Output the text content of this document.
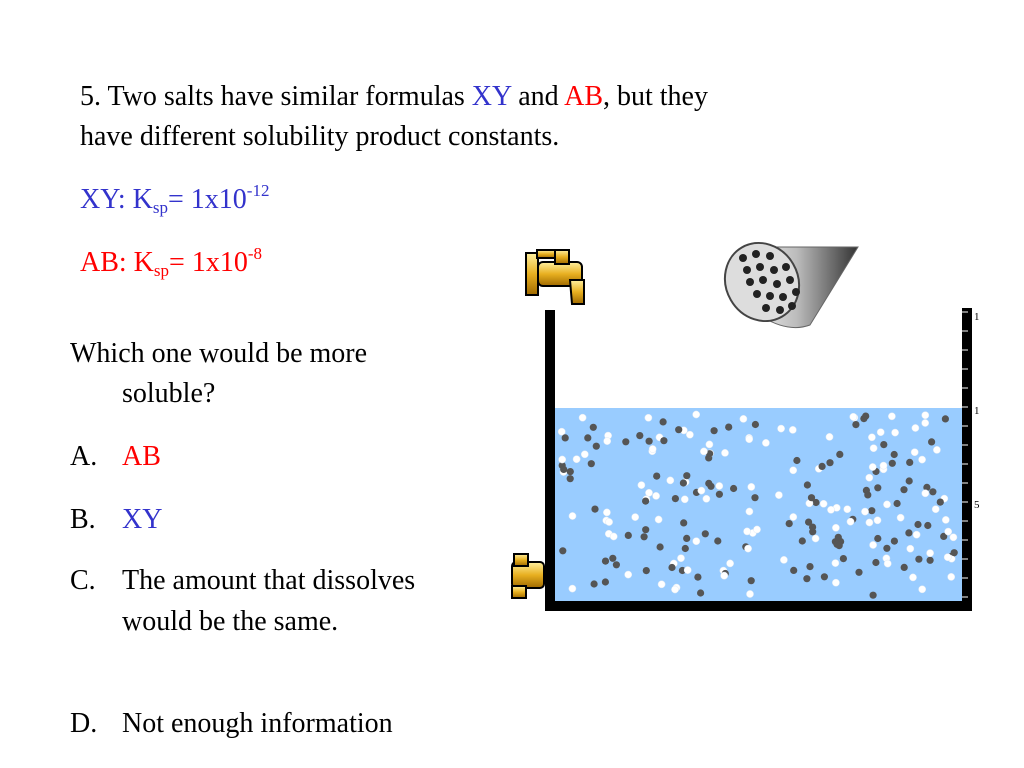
5. Two salts have similar formulas XY and AB, but they
have different solubility product constants.
XY: $K_{sp}= 1x10^{-12}$
AB: $K_{sp}= 1x10^{-8}$
Which one would be more
soluble?
A. AB
B. XY
C. The amount that dissolves would be the same.
D. Not enough information
1
1
5
